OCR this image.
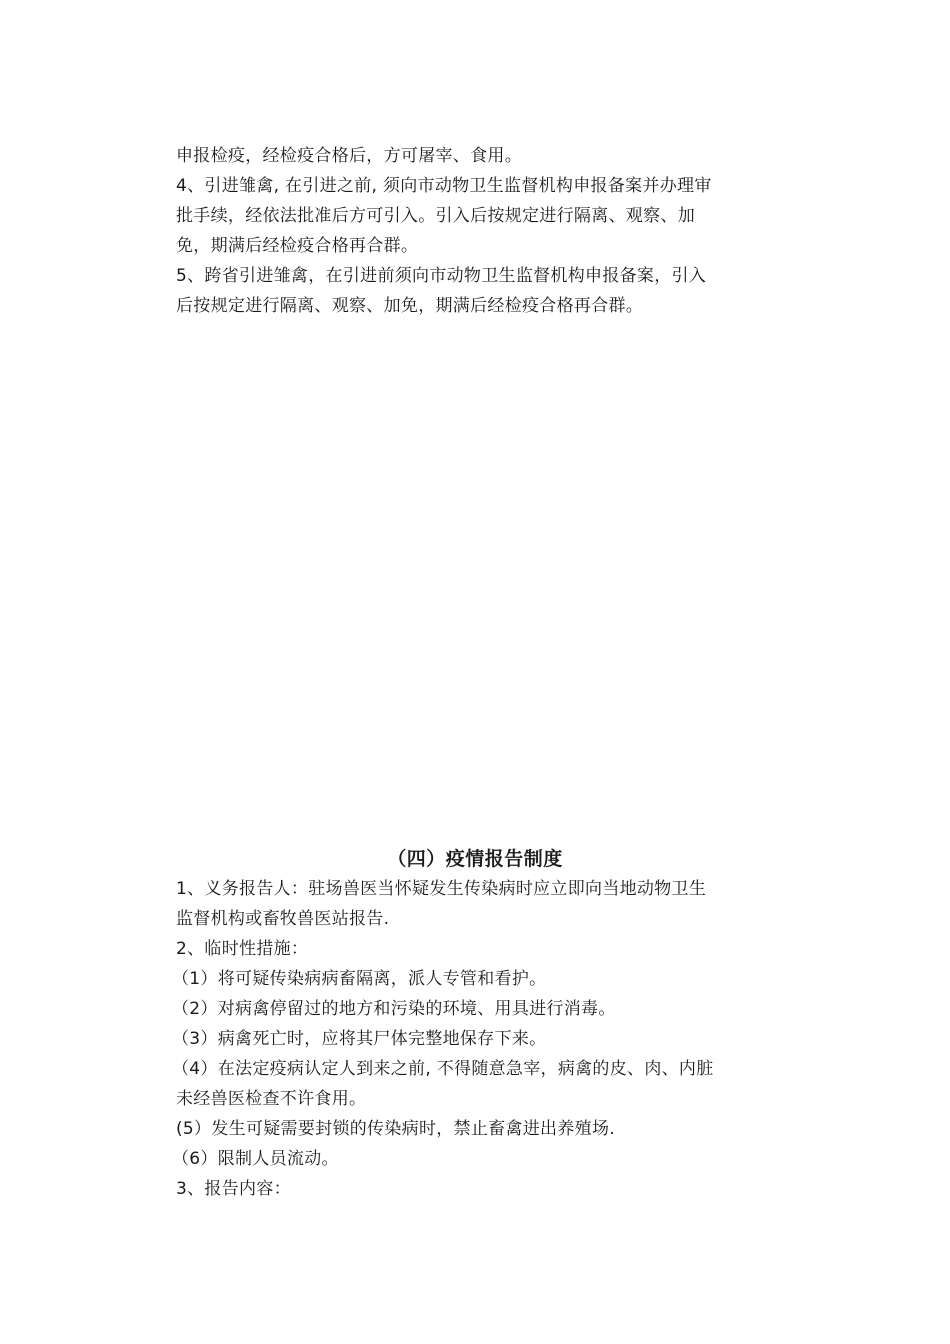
申报检疫，经检疫合格后，方可屠宰、食用。
4、引进雏禽, 在引进之前, 须向市动物卫生监督机构申报备案并办理审
批手续，经依法批准后方可引入。引入后按规定进行隔离、观察、加
免，期满后经检疫合格再合群。
5、跨省引进雏禽，在引进前须向市动物卫生监督机构申报备案，引入
后按规定进行隔离、观察、加免，期满后经检疫合格再合群。
（四）疫情报告制度
1、义务报告人：驻场兽医当怀疑发生传染病时应立即向当地动物卫生
监督机构或畜牧兽医站报告.
2、临时性措施：
（1）将可疑传染病病畜隔离，派人专管和看护。
（2）对病禽停留过的地方和污染的环境、用具进行消毒。
（3）病禽死亡时，应将其尸体完整地保存下来。
（4）在法定疫病认定人到来之前, 不得随意急宰，病禽的皮、肉、内脏
未经兽医检查不许食用。
(5）发生可疑需要封锁的传染病时，禁止畜禽进出养殖场.
（6）限制人员流动。
3、报告内容：
